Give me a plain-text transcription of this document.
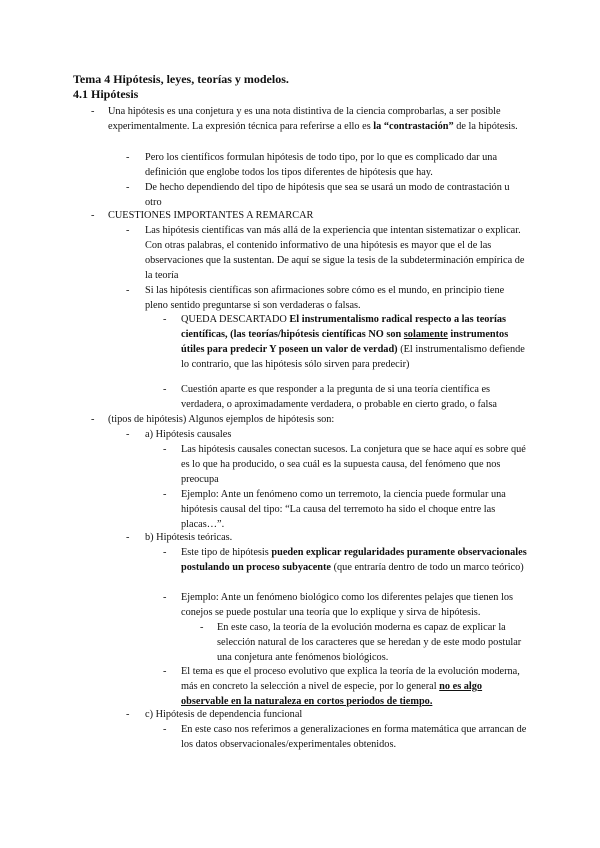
Tema 4 Hipótesis, leyes, teorías y modelos.
4.1 Hipótesis
- Una hipótesis es una conjetura y es una nota distintiva de la ciencia comprobarlas, a ser posible experimentalmente. La expresión técnica para referirse a ello es la “contrastación” de la hipótesis.
- Pero los científicos formulan hipótesis de todo tipo, por lo que es complicado dar una definición que englobe todos los tipos diferentes de hipótesis que hay.
- De hecho dependiendo del tipo de hipótesis que sea se usará un modo de contrastación u otro
- CUESTIONES IMPORTANTES A REMARCAR
- Las hipótesis científicas van más allá de la experiencia que intentan sistematizar o explicar. Con otras palabras, el contenido informativo de una hipótesis es mayor que el de las observaciones que la sustentan. De aquí se sigue la tesis de la subdeterminación empírica de la teoría
- Si las hipótesis científicas son afirmaciones sobre cómo es el mundo, en principio tiene pleno sentido preguntarse si son verdaderas o falsas.
- QUEDA DESCARTADO El instrumentalismo radical respecto a las teorías científicas, (las teorías/hipótesis científicas NO son solamente instrumentos útiles para predecir Y poseen un valor de verdad) (El instrumentalismo defiende lo contrario, que las hipótesis sólo sirven para predecir)
- Cuestión aparte es que responder a la pregunta de si una teoría científica es verdadera, o aproximadamente verdadera, o probable en cierto grado, o falsa
- (tipos de hipótesis) Algunos ejemplos de hipótesis son:
- a) Hipótesis causales
- Las hipótesis causales conectan sucesos. La conjetura que se hace aquí es sobre qué es lo que ha producido, o sea cuál es la supuesta causa, del fenómeno que nos preocupa
- Ejemplo: Ante un fenómeno como un terremoto, la ciencia puede formular una hipótesis causal del tipo: “La causa del terremoto ha sido el choque entre las placas…”.
- b) Hipótesis teóricas.
- Este tipo de hipótesis pueden explicar regularidades puramente observacionales postulando un proceso subyacente (que entraría dentro de todo un marco teórico)
- Ejemplo: Ante un fenómeno biológico como los diferentes pelajes que tienen los conejos se puede postular una teoría que lo explique y sirva de hipótesis.
- En este caso, la teoría de la evolución moderna es capaz de explicar la selección natural de los caracteres que se heredan y de este modo postular una conjetura ante fenómenos biológicos.
- El tema es que el proceso evolutivo que explica la teoría de la evolución moderna, más en concreto la selección a nivel de especie, por lo general no es algo observable en la naturaleza en cortos periodos de tiempo.
- c) Hipótesis de dependencia funcional
- En este caso nos referimos a generalizaciones en forma matemática que arrancan de los datos observacionales/experimentales obtenidos.
